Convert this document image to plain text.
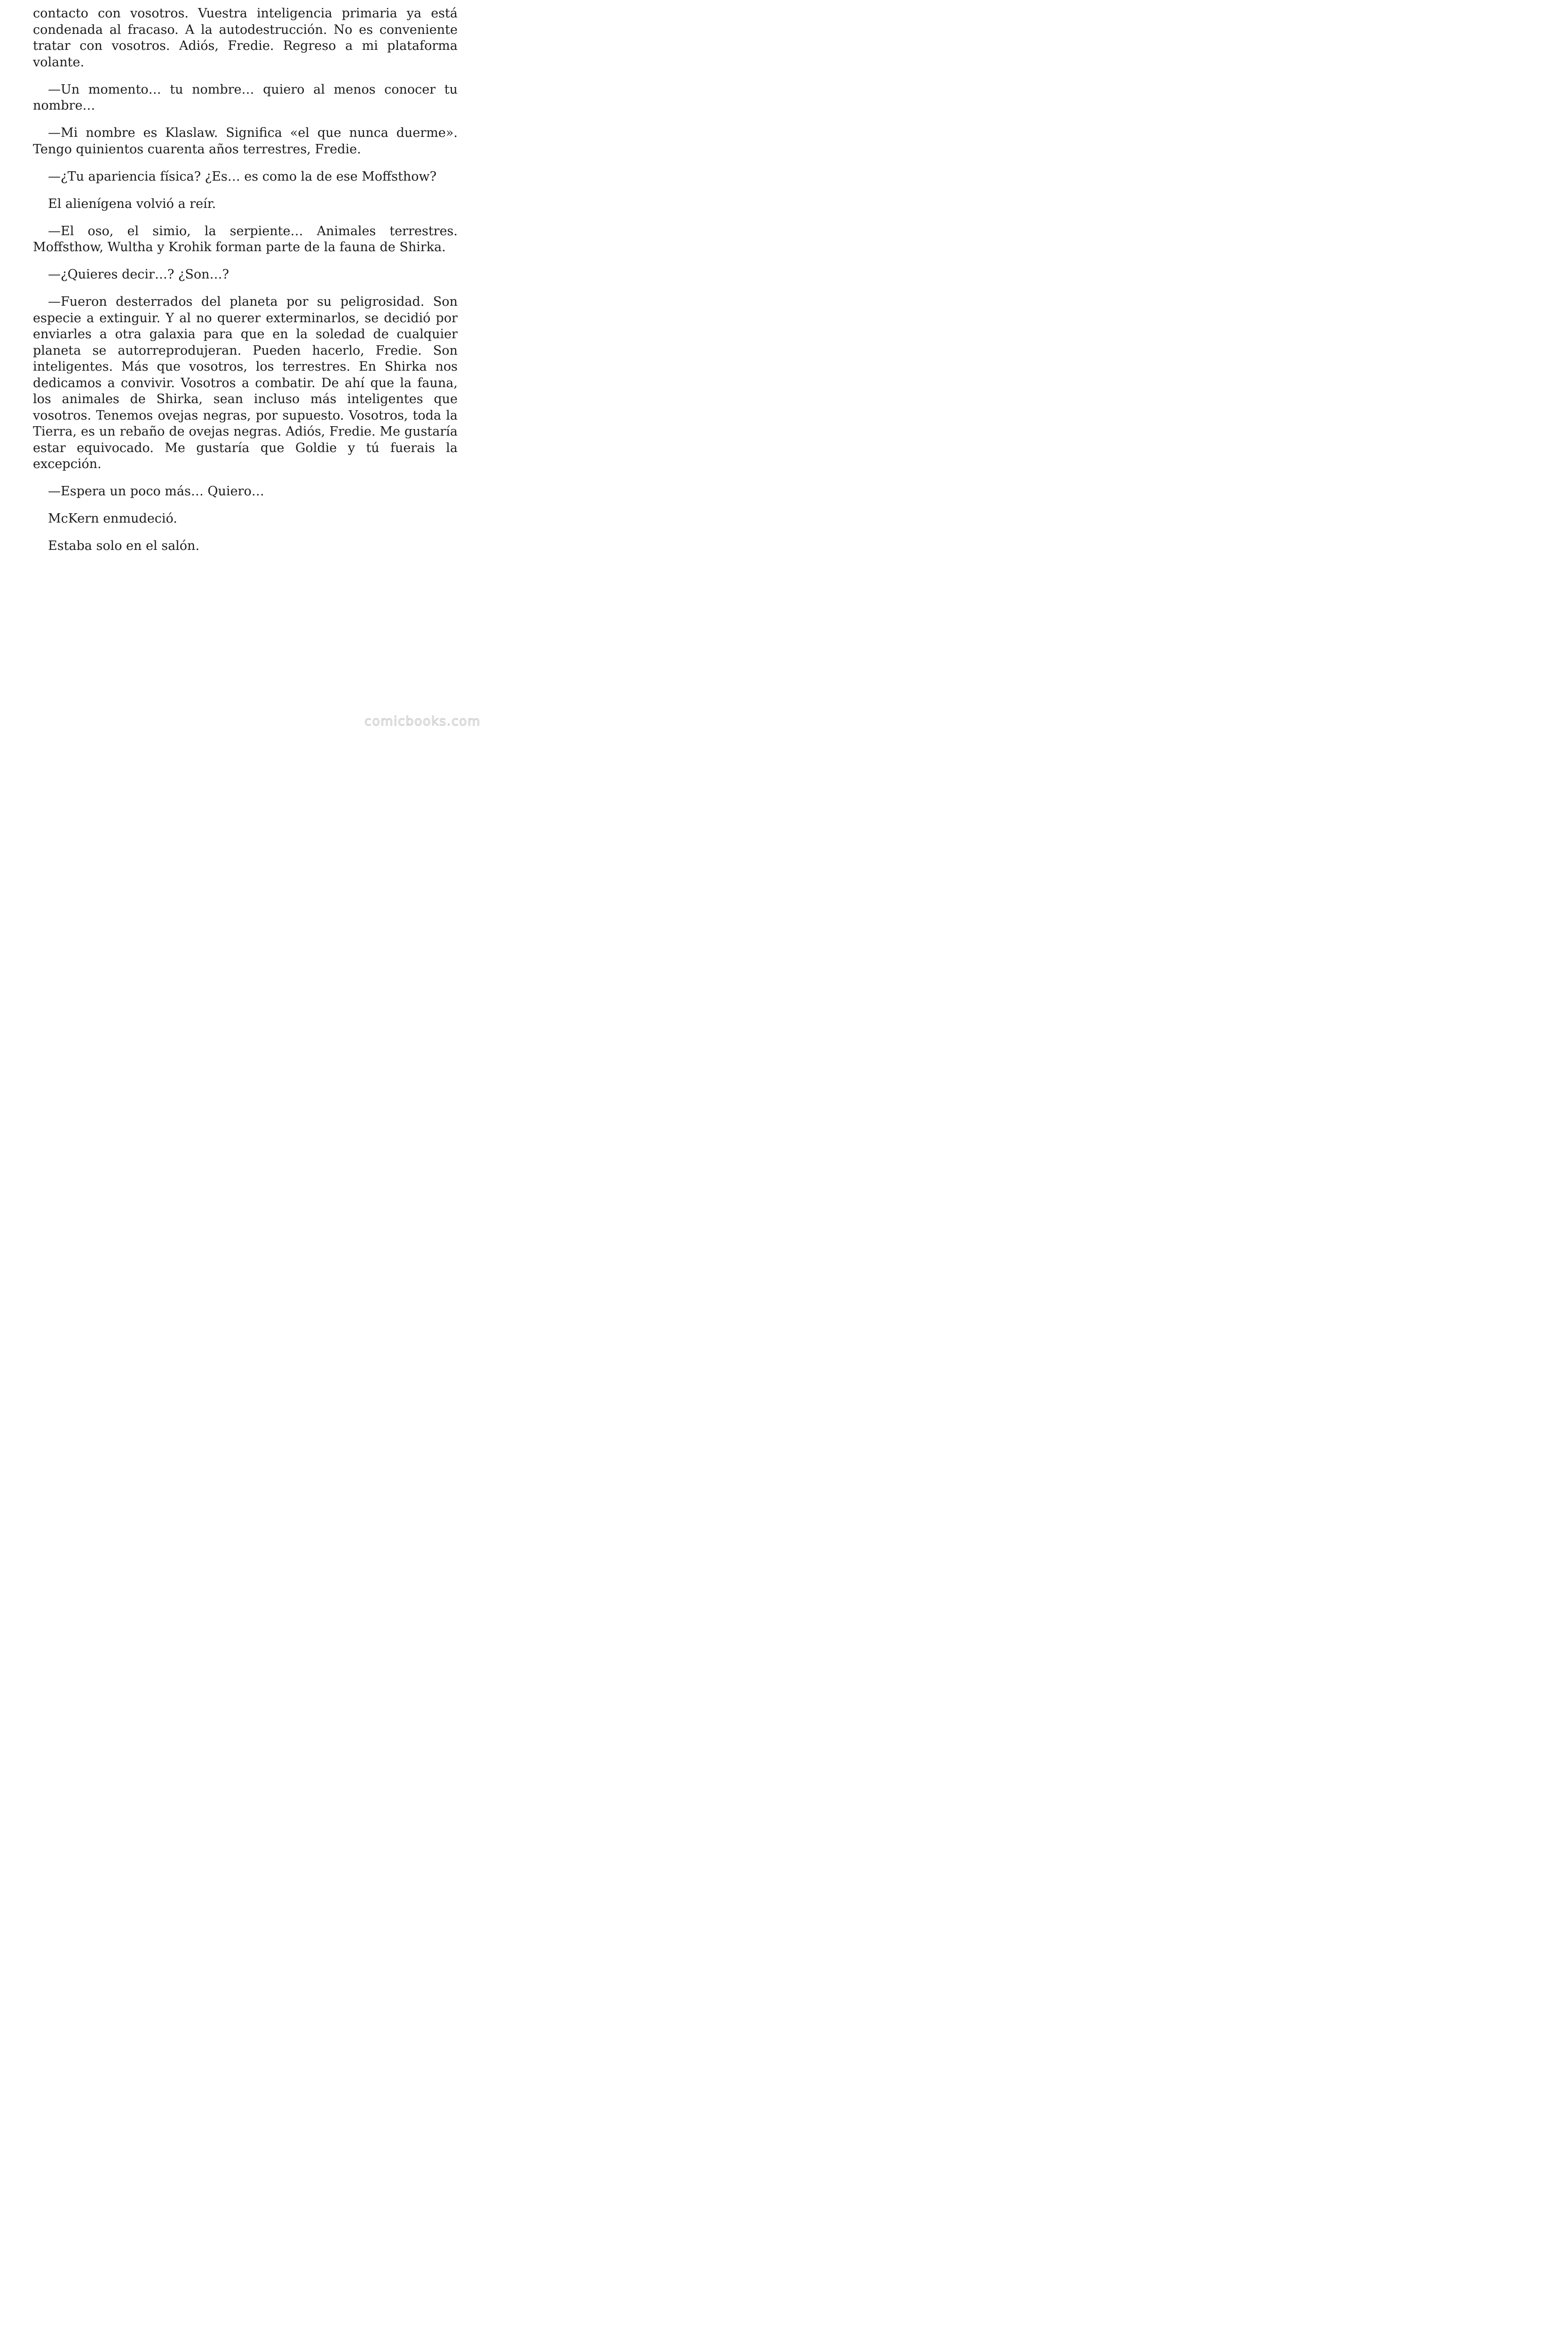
contacto con vosotros. Vuestra inteligencia primaria ya está condenada al fracaso. A la autodestrucción. No es conveniente tratar con vosotros. Adiós, Fredie. Regreso a mi plataforma volante.

—Un momento… tu nombre… quiero al menos conocer tu nombre…

—Mi nombre es Klaslaw. Significa «el que nunca duerme». Tengo quinientos cuarenta años terrestres, Fredie.

—¿Tu apariencia física? ¿Es… es como la de ese Moffsthow?

El alienígena volvió a reír.

—El oso, el simio, la serpiente… Animales terrestres. Moffsthow, Wultha y Krohik forman parte de la fauna de Shirka.

—¿Quieres decir…? ¿Son…?

—Fueron desterrados del planeta por su peligrosidad. Son especie a extinguir. Y al no querer exterminarlos, se decidió por enviarles a otra galaxia para que en la soledad de cualquier planeta se autorreprodujeran. Pueden hacerlo, Fredie. Son inteligentes. Más que vosotros, los terrestres. En Shirka nos dedicamos a convivir. Vosotros a combatir. De ahí que la fauna, los animales de Shirka, sean incluso más inteligentes que vosotros. Tenemos ovejas negras, por supuesto. Vosotros, toda la Tierra, es un rebaño de ovejas negras. Adiós, Fredie. Me gustaría estar equivocado. Me gustaría que Goldie y tú fuerais la excepción.

—Espera un poco más… Quiero…

McKern enmudeció.

Estaba solo en el salón.

comicbooks.com
